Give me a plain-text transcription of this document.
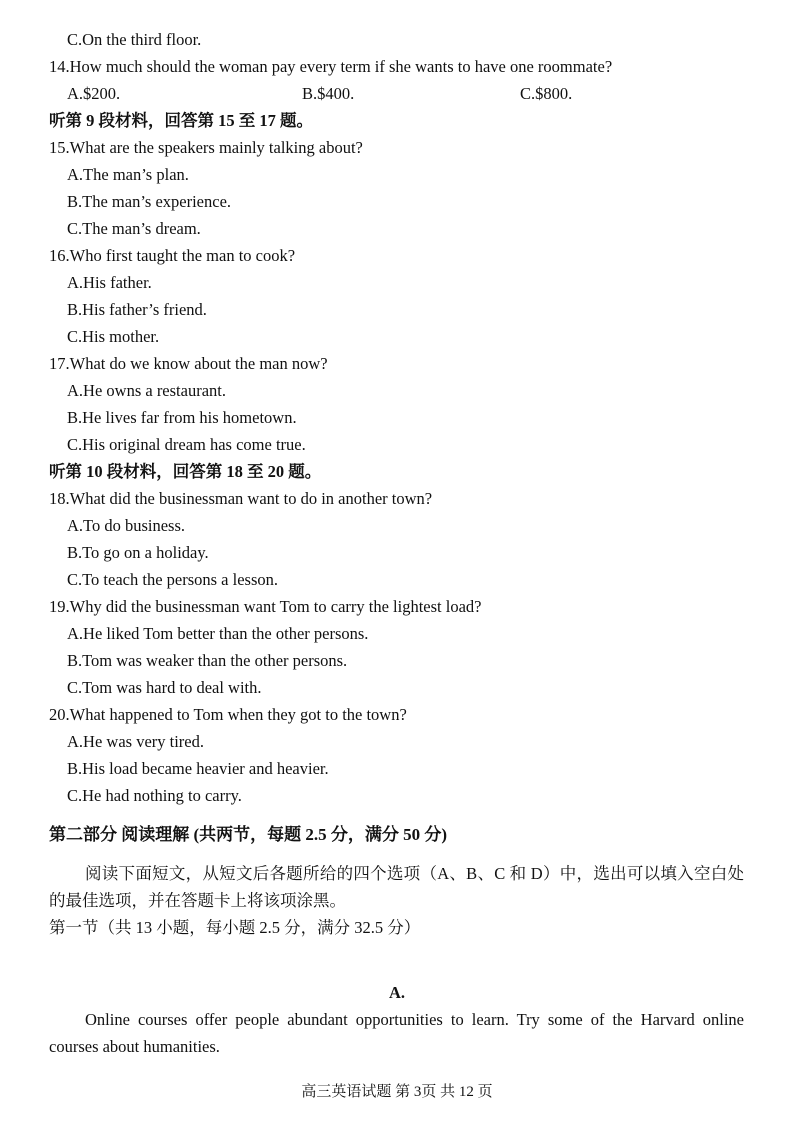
C.On the third floor.
14.How much should the woman pay every term if she wants to have one roommate?
A.$200.	B.$400.	C.$800.
听第 9 段材料，回答第 15 至 17 题。
15.What are the speakers mainly talking about?
A.The man’s plan.
B.The man’s experience.
C.The man’s dream.
16.Who first taught the man to cook?
A.His father.
B.His father’s friend.
C.His mother.
17.What do we know about the man now?
A.He owns a restaurant.
B.He lives far from his hometown.
C.His original dream has come true.
听第 10 段材料，回答第 18 至 20 题。
18.What did the businessman want to do in another town?
A.To do business.
B.To go on a holiday.
C.To teach the persons a lesson.
19.Why did the businessman want Tom to carry the lightest load?
A.He liked Tom better than the other persons.
B.Tom was weaker than the other persons.
C.Tom was hard to deal with.
20.What happened to Tom when they got to the town?
A.He was very tired.
B.His load became heavier and heavier.
C.He had nothing to carry.
第二部分 阅读理解 (共两节，每题 2.5 分，满分 50 分)
阅读下面短文，从短文后各题所给的四个选项（A、B、C 和 D）中，选出可以填入空白处的最佳选项，并在答题卡上将该项涂黑。
第一节（共 13 小题，每小题 2.5 分，满分 32.5 分）
A.
Online courses offer people abundant opportunities to learn. Try some of the Harvard online courses about humanities.
高三英语试题 第 3页 共 12 页
